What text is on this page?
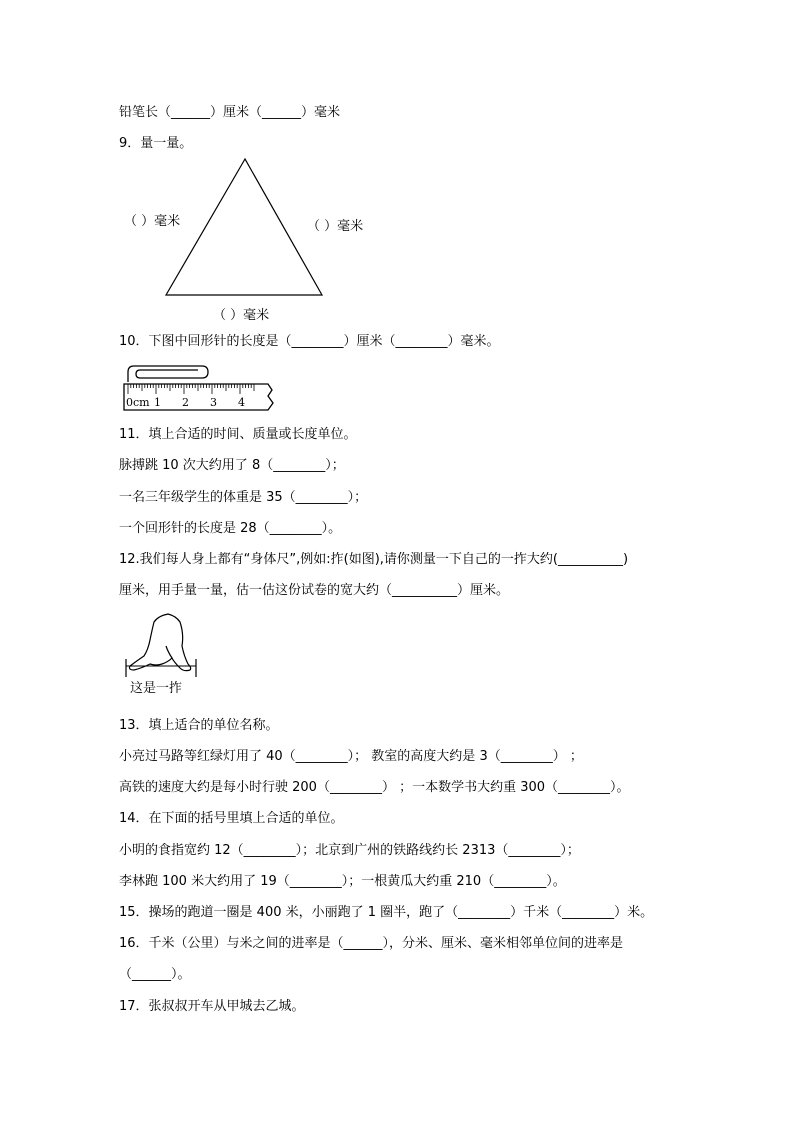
铅笔长（______）厘米（______）毫米
9．量一量。
（ ）毫米	（ ）毫米
（ ）毫米
10．下图中回形针的长度是（________）厘米（________）毫米。
0cm 1 2 3 4
11．填上合适的时间、质量或长度单位。
脉搏跳 10 次大约用了 8（________）；
一名三年级学生的体重是 35（________）；
一个回形针的长度是 28（________）。
12.我们每人身上都有“身体尺”,例如:拃(如图),请你测量一下自己的一拃大约(__________)
厘米，用手量一量，估一估这份试卷的宽大约（__________）厘米。
这是一拃
13．填上适合的单位名称。
小亮过马路等红绿灯用了 40（________）； 教室的高度大约是 3（________） ；
高铁的速度大约是每小时行驶 200（________） ；一本数学书大约重 300（________）。
14．在下面的括号里填上合适的单位。
小明的食指宽约 12（________）；北京到广州的铁路线约长 2313（________）；
李林跑 100 米大约用了 19（________）；一根黄瓜大约重 210（________）。
15．操场的跑道一圈是 400 米，小丽跑了 1 圈半，跑了（________）千米（________）米。
16．千米（公里）与米之间的进率是（______），分米、厘米、毫米相邻单位间的进率是
（______）。
17．张叔叔开车从甲城去乙城。
